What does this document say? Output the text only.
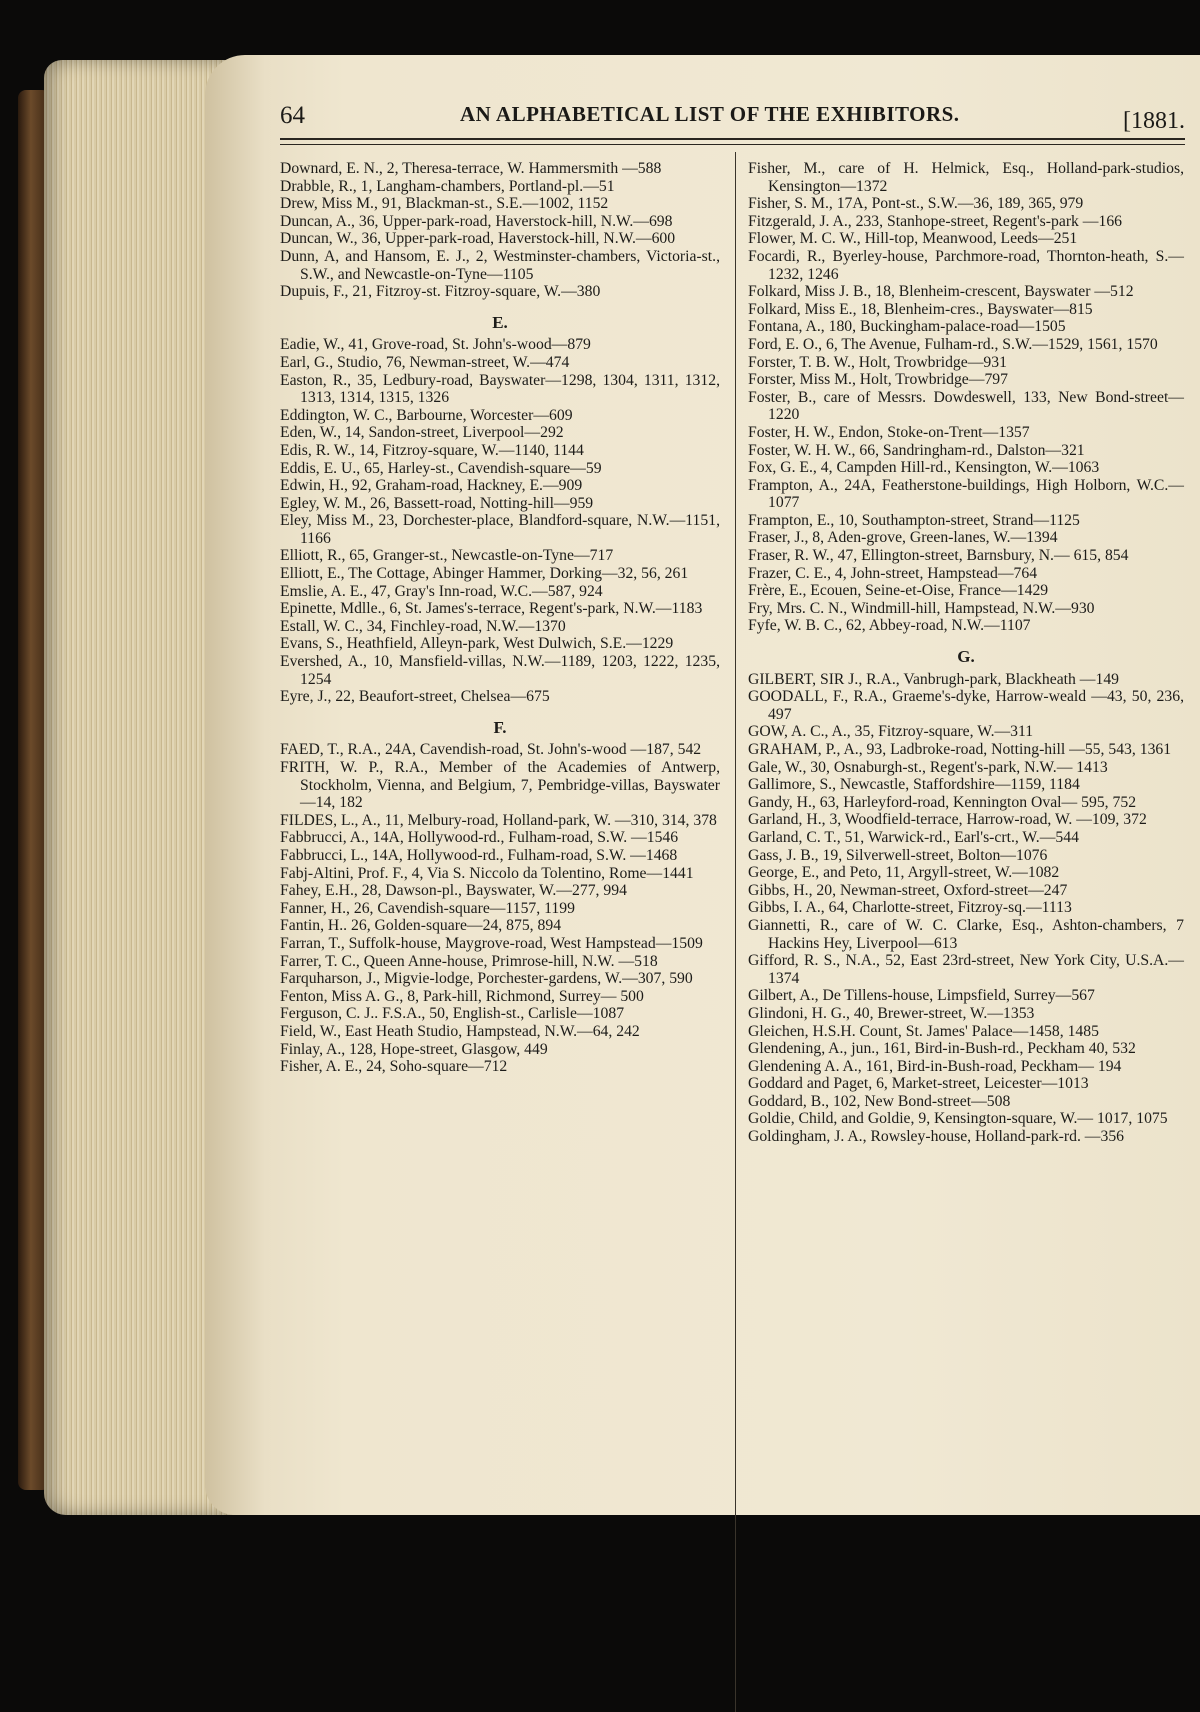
64	AN ALPHABETICAL LIST OF THE EXHIBITORS.	[1881.

Downard, E. N., 2, Theresa-terrace, W. Hammersmith —588

Drabble, R., 1, Langham-chambers, Portland-pl.—51

Drew, Miss M., 91, Blackman-st., S.E.—1002, 1152

Duncan, A., 36, Upper-park-road, Haverstock-hill, N.W.—698

Duncan, W., 36, Upper-park-road, Haverstock-hill, N.W.—600

Dunn, A, and Hansom, E. J., 2, Westminster-chambers, Victoria-st., S.W., and Newcastle-on-Tyne—1105

Dupuis, F., 21, Fitzroy-st. Fitzroy-square, W.—380

E.

Eadie, W., 41, Grove-road, St. John's-wood—879

Earl, G., Studio, 76, Newman-street, W.—474

Easton, R., 35, Ledbury-road, Bayswater—1298, 1304, 1311, 1312, 1313, 1314, 1315, 1326

Eddington, W. C., Barbourne, Worcester—609

Eden, W., 14, Sandon-street, Liverpool—292

Edis, R. W., 14, Fitzroy-square, W.—1140, 1144

Eddis, E. U., 65, Harley-st., Cavendish-square—59

Edwin, H., 92, Graham-road, Hackney, E.—909

Egley, W. M., 26, Bassett-road, Notting-hill—959

Eley, Miss M., 23, Dorchester-place, Blandford-square, N.W.—1151, 1166

Elliott, R., 65, Granger-st., Newcastle-on-Tyne—717

Elliott, E., The Cottage, Abinger Hammer, Dorking—32, 56, 261

Emslie, A. E., 47, Gray's Inn-road, W.C.—587, 924

Epinette, Mdlle., 6, St. James's-terrace, Regent's-park, N.W.—1183

Estall, W. C., 34, Finchley-road, N.W.—1370

Evans, S., Heathfield, Alleyn-park, West Dulwich, S.E.—1229

Evershed, A., 10, Mansfield-villas, N.W.—1189, 1203, 1222, 1235, 1254

Eyre, J., 22, Beaufort-street, Chelsea—675

F.

FAED, T., R.A., 24A, Cavendish-road, St. John's-wood —187, 542

FRITH, W. P., R.A., Member of the Academies of Antwerp, Stockholm, Vienna, and Belgium, 7, Pembridge-villas, Bayswater—14, 182

FILDES, L., A., 11, Melbury-road, Holland-park, W. —310, 314, 378

Fabbrucci, A., 14A, Hollywood-rd., Fulham-road, S.W. —1546

Fabbrucci, L., 14A, Hollywood-rd., Fulham-road, S.W. —1468

Fabj-Altini, Prof. F., 4, Via S. Niccolo da Tolentino, Rome—1441

Fahey, E.H., 28, Dawson-pl., Bayswater, W.—277, 994

Fanner, H., 26, Cavendish-square—1157, 1199

Fantin, H.. 26, Golden-square—24, 875, 894

Farran, T., Suffolk-house, Maygrove-road, West Hampstead—1509

Farrer, T. C., Queen Anne-house, Primrose-hill, N.W. —518

Farquharson, J., Migvie-lodge, Porchester-gardens, W.—307, 590

Fenton, Miss A. G., 8, Park-hill, Richmond, Surrey— 500

Ferguson, C. J.. F.S.A., 50, English-st., Carlisle—1087

Field, W., East Heath Studio, Hampstead, N.W.—64, 242

Finlay, A., 128, Hope-street, Glasgow, 449

Fisher, A. E., 24, Soho-square—712

Fisher, M., care of H. Helmick, Esq., Holland-park-studios, Kensington—1372

Fisher, S. M., 17A, Pont-st., S.W.—36, 189, 365, 979

Fitzgerald, J. A., 233, Stanhope-street, Regent's-park —166

Flower, M. C. W., Hill-top, Meanwood, Leeds—251

Focardi, R., Byerley-house, Parchmore-road, Thornton-heath, S.—1232, 1246

Folkard, Miss J. B., 18, Blenheim-crescent, Bayswater —512

Folkard, Miss E., 18, Blenheim-cres., Bayswater—815

Fontana, A., 180, Buckingham-palace-road—1505

Ford, E. O., 6, The Avenue, Fulham-rd., S.W.—1529, 1561, 1570

Forster, T. B. W., Holt, Trowbridge—931

Forster, Miss M., Holt, Trowbridge—797

Foster, B., care of Messrs. Dowdeswell, 133, New Bond-street—1220

Foster, H. W., Endon, Stoke-on-Trent—1357

Foster, W. H. W., 66, Sandringham-rd., Dalston—321

Fox, G. E., 4, Campden Hill-rd., Kensington, W.—1063

Frampton, A., 24A, Featherstone-buildings, High Holborn, W.C.—1077

Frampton, E., 10, Southampton-street, Strand—1125

Fraser, J., 8, Aden-grove, Green-lanes, W.—1394

Fraser, R. W., 47, Ellington-street, Barnsbury, N.— 615, 854

Frazer, C. E., 4, John-street, Hampstead—764

Frère, E., Ecouen, Seine-et-Oise, France—1429

Fry, Mrs. C. N., Windmill-hill, Hampstead, N.W.—930

Fyfe, W. B. C., 62, Abbey-road, N.W.—1107

G.

GILBERT, SIR J., R.A., Vanbrugh-park, Blackheath —149

GOODALL, F., R.A., Graeme's-dyke, Harrow-weald —43, 50, 236, 497

GOW, A. C., A., 35, Fitzroy-square, W.—311

GRAHAM, P., A., 93, Ladbroke-road, Notting-hill —55, 543, 1361

Gale, W., 30, Osnaburgh-st., Regent's-park, N.W.— 1413

Gallimore, S., Newcastle, Staffordshire—1159, 1184

Gandy, H., 63, Harleyford-road, Kennington Oval— 595, 752

Garland, H., 3, Woodfield-terrace, Harrow-road, W. —109, 372

Garland, C. T., 51, Warwick-rd., Earl's-crt., W.—544

Gass, J. B., 19, Silverwell-street, Bolton—1076

George, E., and Peto, 11, Argyll-street, W.—1082

Gibbs, H., 20, Newman-street, Oxford-street—247

Gibbs, I. A., 64, Charlotte-street, Fitzroy-sq.—1113

Giannetti, R., care of W. C. Clarke, Esq., Ashton-chambers, 7 Hackins Hey, Liverpool—613

Gifford, R. S., N.A., 52, East 23rd-street, New York City, U.S.A.—1374

Gilbert, A., De Tillens-house, Limpsfield, Surrey—567

Glindoni, H. G., 40, Brewer-street, W.—1353

Gleichen, H.S.H. Count, St. James' Palace—1458, 1485

Glendening, A., jun., 161, Bird-in-Bush-rd., Peckham 40, 532

Glendening A. A., 161, Bird-in-Bush-road, Peckham— 194

Goddard and Paget, 6, Market-street, Leicester—1013

Goddard, B., 102, New Bond-street—508

Goldie, Child, and Goldie, 9, Kensington-square, W.— 1017, 1075

Goldingham, J. A., Rowsley-house, Holland-park-rd. —356
